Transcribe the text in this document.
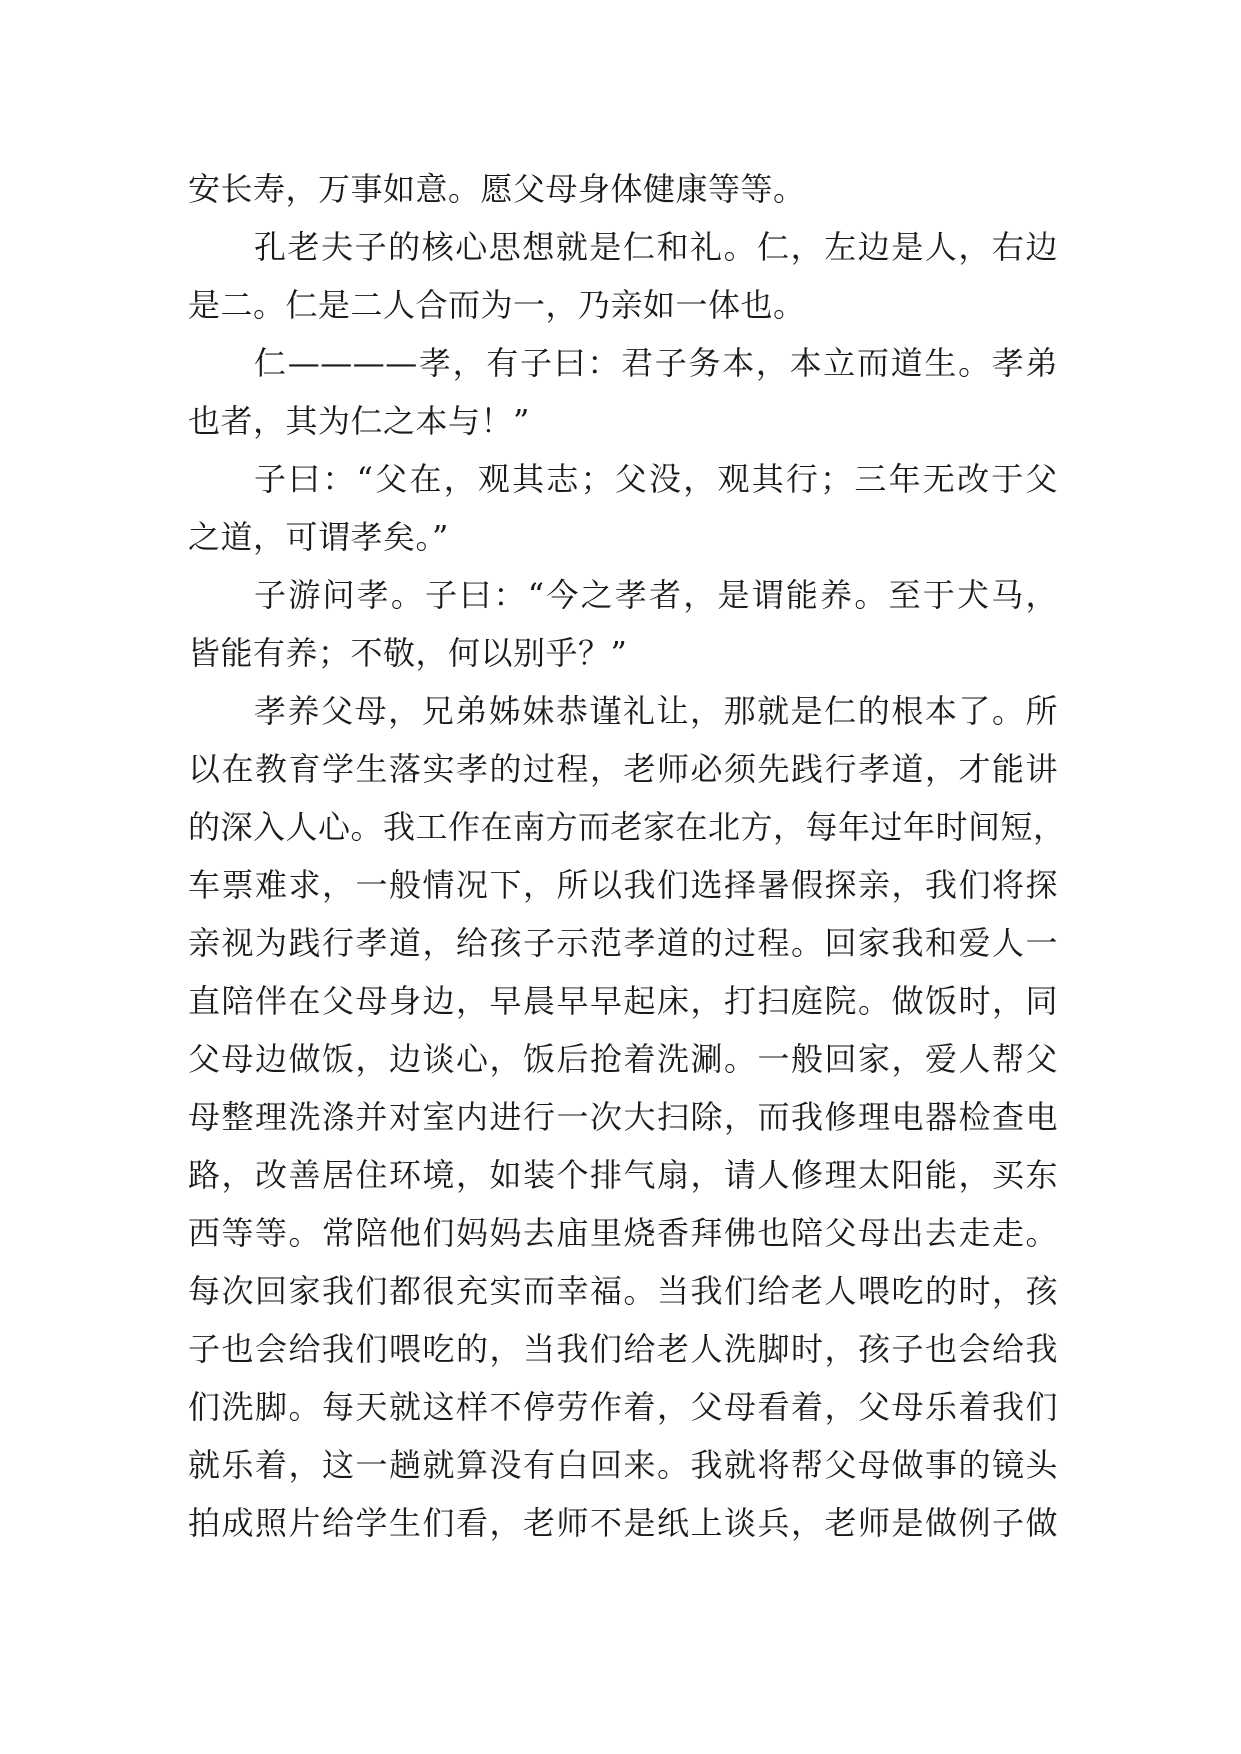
安长寿，万事如意。愿父母身体健康等等。
孔老夫子的核心思想就是仁和礼。仁，左边是人，右边
是二。仁是二人合而为一，乃亲如一体也。
仁————孝，有子曰：君子务本，本立而道生。孝弟
也者，其为仁之本与！”
子曰：“父在，观其志；父没，观其行；三年无改于父
之道，可谓孝矣。”
子游问孝。子曰：“今之孝者，是谓能养。至于犬马，
皆能有养；不敬，何以别乎？”
孝养父母，兄弟姊妹恭谨礼让，那就是仁的根本了。所
以在教育学生落实孝的过程，老师必须先践行孝道，才能讲
的深入人心。我工作在南方而老家在北方，每年过年时间短，
车票难求，一般情况下，所以我们选择暑假探亲，我们将探
亲视为践行孝道，给孩子示范孝道的过程。回家我和爱人一
直陪伴在父母身边，早晨早早起床，打扫庭院。做饭时，同
父母边做饭，边谈心，饭后抢着洗涮。一般回家，爱人帮父
母整理洗涤并对室内进行一次大扫除，而我修理电器检查电
路，改善居住环境，如装个排气扇，请人修理太阳能，买东
西等等。常陪他们妈妈去庙里烧香拜佛也陪父母出去走走。
每次回家我们都很充实而幸福。当我们给老人喂吃的时，孩
子也会给我们喂吃的，当我们给老人洗脚时，孩子也会给我
们洗脚。每天就这样不停劳作着，父母看着，父母乐着我们
就乐着，这一趟就算没有白回来。我就将帮父母做事的镜头
拍成照片给学生们看，老师不是纸上谈兵，老师是做例子做
